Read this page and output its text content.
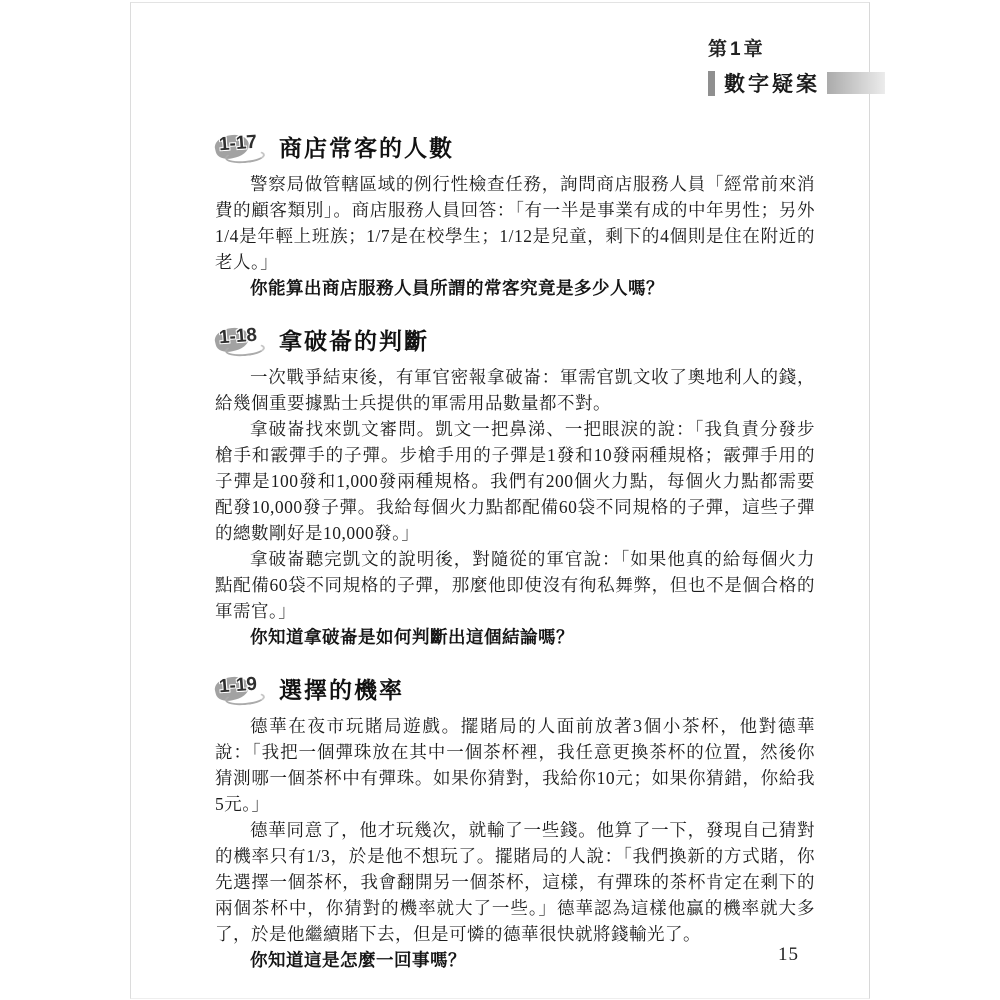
第1章
數字疑案
1-17 商店常客的人數

警察局做管轄區域的例行性檢查任務，詢問商店服務人員「經常前來消費的顧客類別」。商店服務人員回答：「有一半是事業有成的中年男性；另外1/4是年輕上班族；1/7是在校學生；1/12是兒童，剩下的4個則是住在附近的老人。」

你能算出商店服務人員所謂的常客究竟是多少人嗎？

1-18 拿破崙的判斷

一次戰爭結束後，有軍官密報拿破崙：軍需官凱文收了奧地利人的錢，給幾個重要據點士兵提供的軍需用品數量都不對。

拿破崙找來凱文審問。凱文一把鼻涕、一把眼淚的說：「我負責分發步槍手和霰彈手的子彈。步槍手用的子彈是1發和10發兩種規格；霰彈手用的子彈是100發和1,000發兩種規格。我們有200個火力點，每個火力點都需要配發10,000發子彈。我給每個火力點都配備60袋不同規格的子彈，這些子彈的總數剛好是10,000發。」

拿破崙聽完凱文的說明後，對隨從的軍官說：「如果他真的給每個火力點配備60袋不同規格的子彈，那麼他即使沒有徇私舞弊，但也不是個合格的軍需官。」

你知道拿破崙是如何判斷出這個結論嗎？

1-19 選擇的機率

德華在夜市玩賭局遊戲。擺賭局的人面前放著3個小茶杯，他對德華說：「我把一個彈珠放在其中一個茶杯裡，我任意更換茶杯的位置，然後你猜測哪一個茶杯中有彈珠。如果你猜對，我給你10元；如果你猜錯，你給我5元。」

德華同意了，他才玩幾次，就輸了一些錢。他算了一下，發現自己猜對的機率只有1/3，於是他不想玩了。擺賭局的人說：「我們換新的方式賭，你先選擇一個茶杯，我會翻開另一個茶杯，這樣，有彈珠的茶杯肯定在剩下的兩個茶杯中，你猜對的機率就大了一些。」德華認為這樣他贏的機率就大多了，於是他繼續賭下去，但是可憐的德華很快就將錢輸光了。

你知道這是怎麼一回事嗎？	15
